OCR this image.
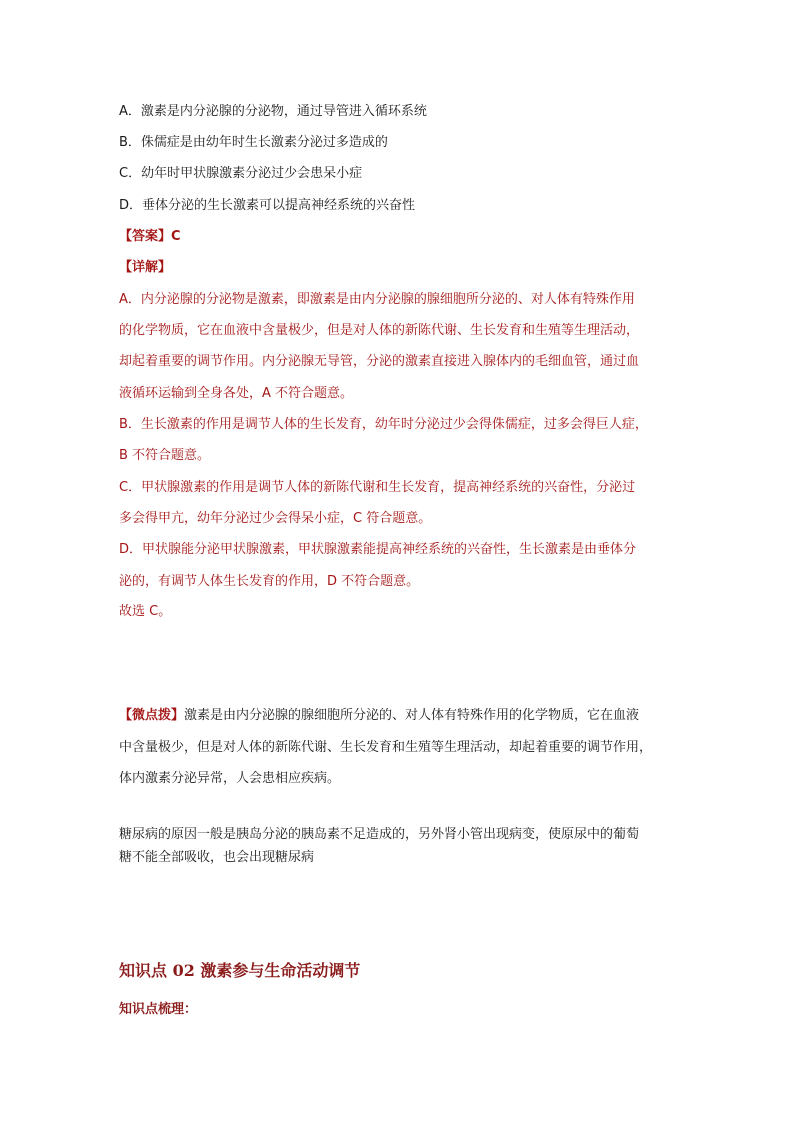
A．激素是内分泌腺的分泌物，通过导管进入循环系统
B．侏儒症是由幼年时生长激素分泌过多造成的
C．幼年时甲状腺激素分泌过少会患呆小症
D．垂体分泌的生长激素可以提高神经系统的兴奋性
【答案】C
【详解】
A．内分泌腺的分泌物是激素，即激素是由内分泌腺的腺细胞所分泌的、对人体有特殊作用
的化学物质，它在血液中含量极少，但是对人体的新陈代谢、生长发育和生殖等生理活动，
却起着重要的调节作用。内分泌腺无导管，分泌的激素直接进入腺体内的毛细血管，通过血
液循环运输到全身各处，A 不符合题意。
B．生长激素的作用是调节人体的生长发育，幼年时分泌过少会得侏儒症，过多会得巨人症，
B 不符合题意。
C．甲状腺激素的作用是调节人体的新陈代谢和生长发育，提高神经系统的兴奋性，分泌过
多会得甲亢，幼年分泌过少会得呆小症，C 符合题意。
D．甲状腺能分泌甲状腺激素，甲状腺激素能提高神经系统的兴奋性，生长激素是由垂体分
泌的，有调节人体生长发育的作用，D 不符合题意。
故选 C。
【微点拨】激素是由内分泌腺的腺细胞所分泌的、对人体有特殊作用的化学物质，它在血液
中含量极少，但是对人体的新陈代谢、生长发育和生殖等生理活动，却起着重要的调节作用，
体内激素分泌异常，人会患相应疾病。
糖尿病的原因一般是胰岛分泌的胰岛素不足造成的，另外肾小管出现病变，使原尿中的葡萄
糖不能全部吸收，也会出现糖尿病
知识点 02 激素参与生命活动调节
知识点梳理：
